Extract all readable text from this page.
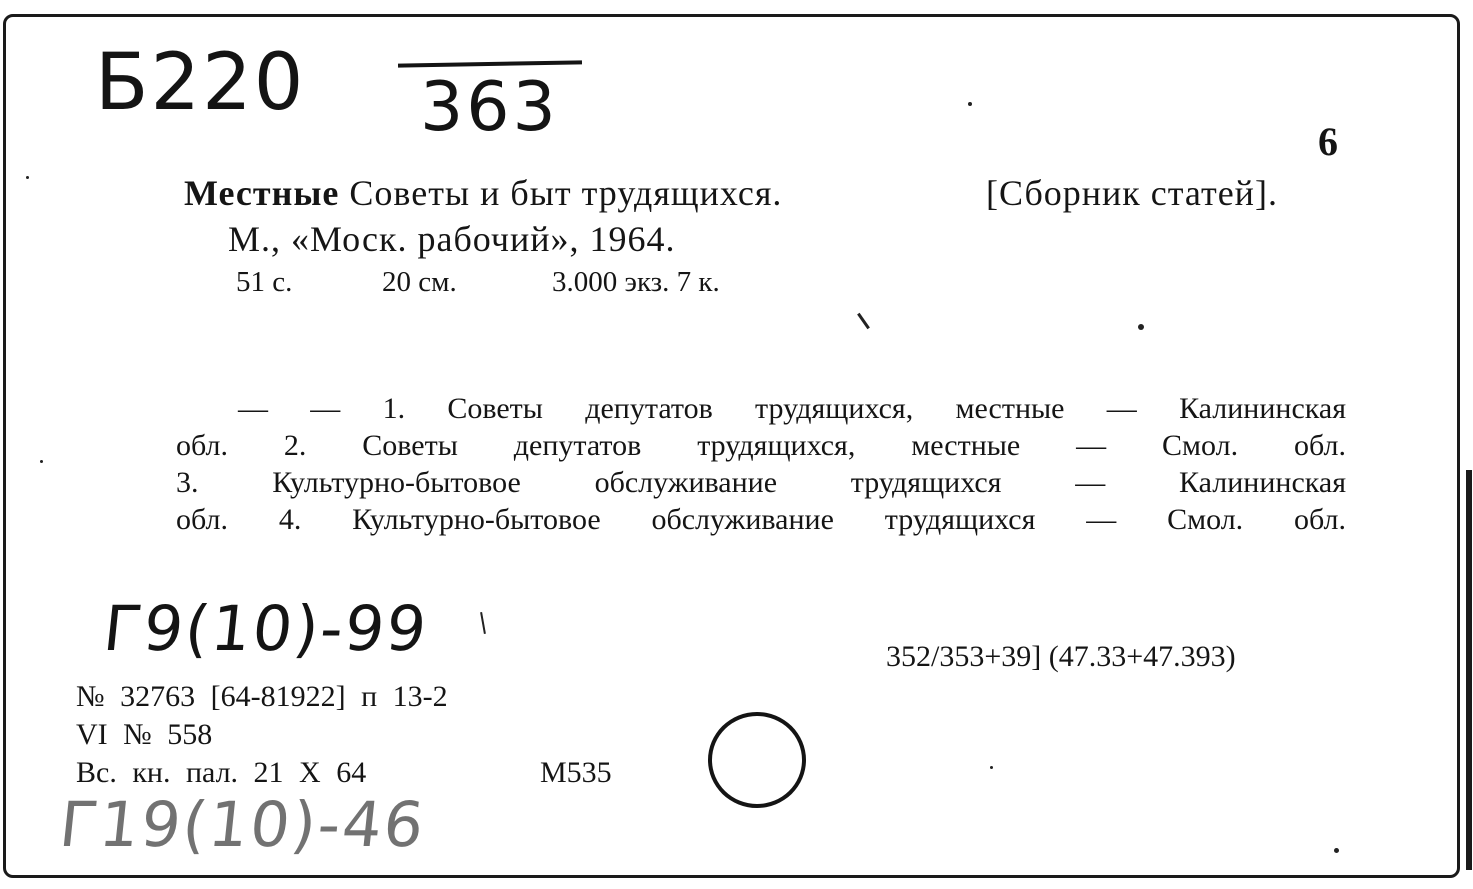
Б220 363	6
Местные Советы и быт трудящихся.	[Сборник статей].
М., «Моск. рабочий», 1964.
51 с.	20 см.	3.000 экз. 7 к.
— — 1. Советы депутатов трудящихся, местные — Калининская
обл. 2. Советы депутатов трудящихся, местные — Смол. обл.
3. Культурно-бытовое обслуживание трудящихся — Калининская
обл. 4. Культурно-бытовое обслуживание трудящихся — Смол. обл.
Г9(10)-99	352/353+39] (47.33+47.393)
№ 32763 [64-81922] п 13-2
VI № 558
Вс. кн. пал. 21 Х 64	М535
Г19(10)-46
